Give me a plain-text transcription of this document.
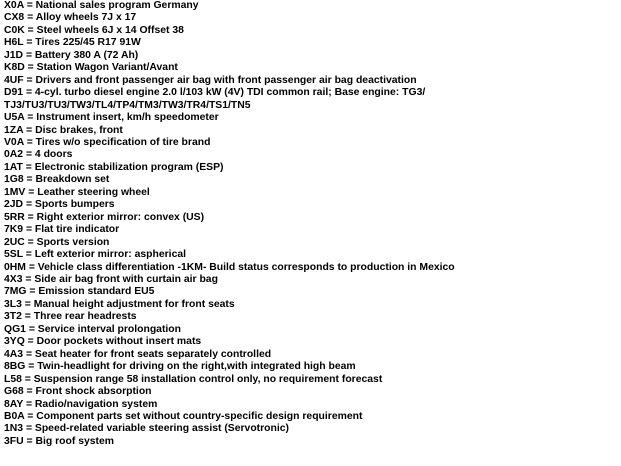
X0A = National sales program Germany
CX8 = Alloy wheels 7J x 17
C0K = Steel wheels 6J x 14 Offset 38
H6L = Tires 225/45 R17 91W
J1D = Battery 380 A (72 Ah)
K8D = Station Wagon Variant/Avant
4UF = Drivers and front passenger air bag with front passenger air bag deactivation
D91 = 4-cyl. turbo diesel engine 2.0 l/103 kW (4V) TDI common rail; Base engine: TG3/
TJ3/TU3/TU3/TW3/TL4/TP4/TM3/TW3/TR4/TS1/TN5
U5A = Instrument insert, km/h speedometer
1ZA = Disc brakes, front
V0A = Tires w/o specification of tire brand
0A2 = 4 doors
1AT = Electronic stabilization program (ESP)
1G8 = Breakdown set
1MV = Leather steering wheel
2JD = Sports bumpers
5RR = Right exterior mirror: convex (US)
7K9 = Flat tire indicator
2UC = Sports version
5SL = Left exterior mirror: aspherical
0HM = Vehicle class differentiation -1KM- Build status corresponds to production in Mexico
4X3 = Side air bag front with curtain air bag
7MG = Emission standard EU5
3L3 = Manual height adjustment for front seats
3T2 = Three rear headrests
QG1 = Service interval prolongation
3YQ = Door pockets without insert mats
4A3 = Seat heater for front seats separately controlled
8BG = Twin-headlight for driving on the right,with integrated high beam
L58 = Suspension range 58 installation control only, no requirement forecast
G68 = Front shock absorption
8AY = Radio/navigation system
B0A = Component parts set without country-specific design requirement
1N3 = Speed-related variable steering assist (Servotronic)
3FU = Big roof system
